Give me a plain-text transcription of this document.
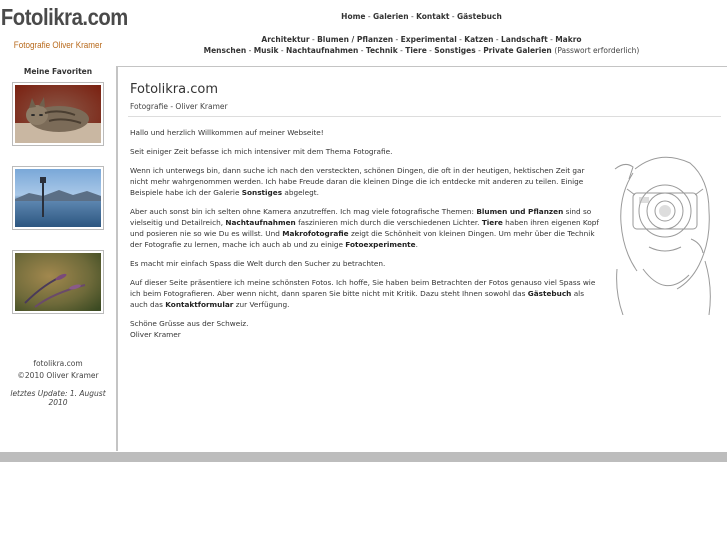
Fotolikra.com
Fotografie Oliver Kramer
Home - Galerien - Kontakt - Gästebuch
Architektur - Blumen / Pflanzen - Experimental - Katzen - Landschaft - Makro
Menschen - Musik - Nachtaufnahmen - Technik - Tiere - Sonstiges - Private Galerien (Passwort erforderlich)
Meine Favoriten
fotolikra.com
©2010 Oliver Kramer
letztes Update: 1. August 2010
Fotolikra.com
Fotografie - Oliver Kramer

Hallo und herzlich Willkommen auf meiner Webseite!

Seit einiger Zeit befasse ich mich intensiver mit dem Thema Fotografie.

Wenn ich unterwegs bin, dann suche ich nach den versteckten, schönen Dingen, die oft in der heutigen, hektischen Zeit gar nicht mehr wahrgenommen werden. Ich habe Freude daran die kleinen Dinge die ich entdecke mit anderen zu teilen. Einige Beispiele habe ich der Galerie Sonstiges abgelegt.

Aber auch sonst bin ich selten ohne Kamera anzutreffen. Ich mag viele fotografische Themen: Blumen und Pflanzen sind so vielseitig und Detailreich, Nachtaufnahmen faszinieren mich durch die verschiedenen Lichter. Tiere haben ihren eigenen Kopf und posieren nie so wie Du es willst. Und Makrofotografie zeigt die Schönheit von kleinen Dingen. Um mehr über die Technik der Fotografie zu lernen, mache ich auch ab und zu einige Fotoexperimente.

Es macht mir einfach Spass die Welt durch den Sucher zu betrachten.

Auf dieser Seite präsentiere ich meine schönsten Fotos. Ich hoffe, Sie haben beim Betrachten der Fotos genauso viel Spass wie ich beim Fotografieren. Aber wenn nicht, dann sparen Sie bitte nicht mit Kritik. Dazu steht Ihnen sowohl das Gästebuch als auch das Kontaktformular zur Verfügung.

Schöne Grüsse aus der Schweiz.
Oliver Kramer
